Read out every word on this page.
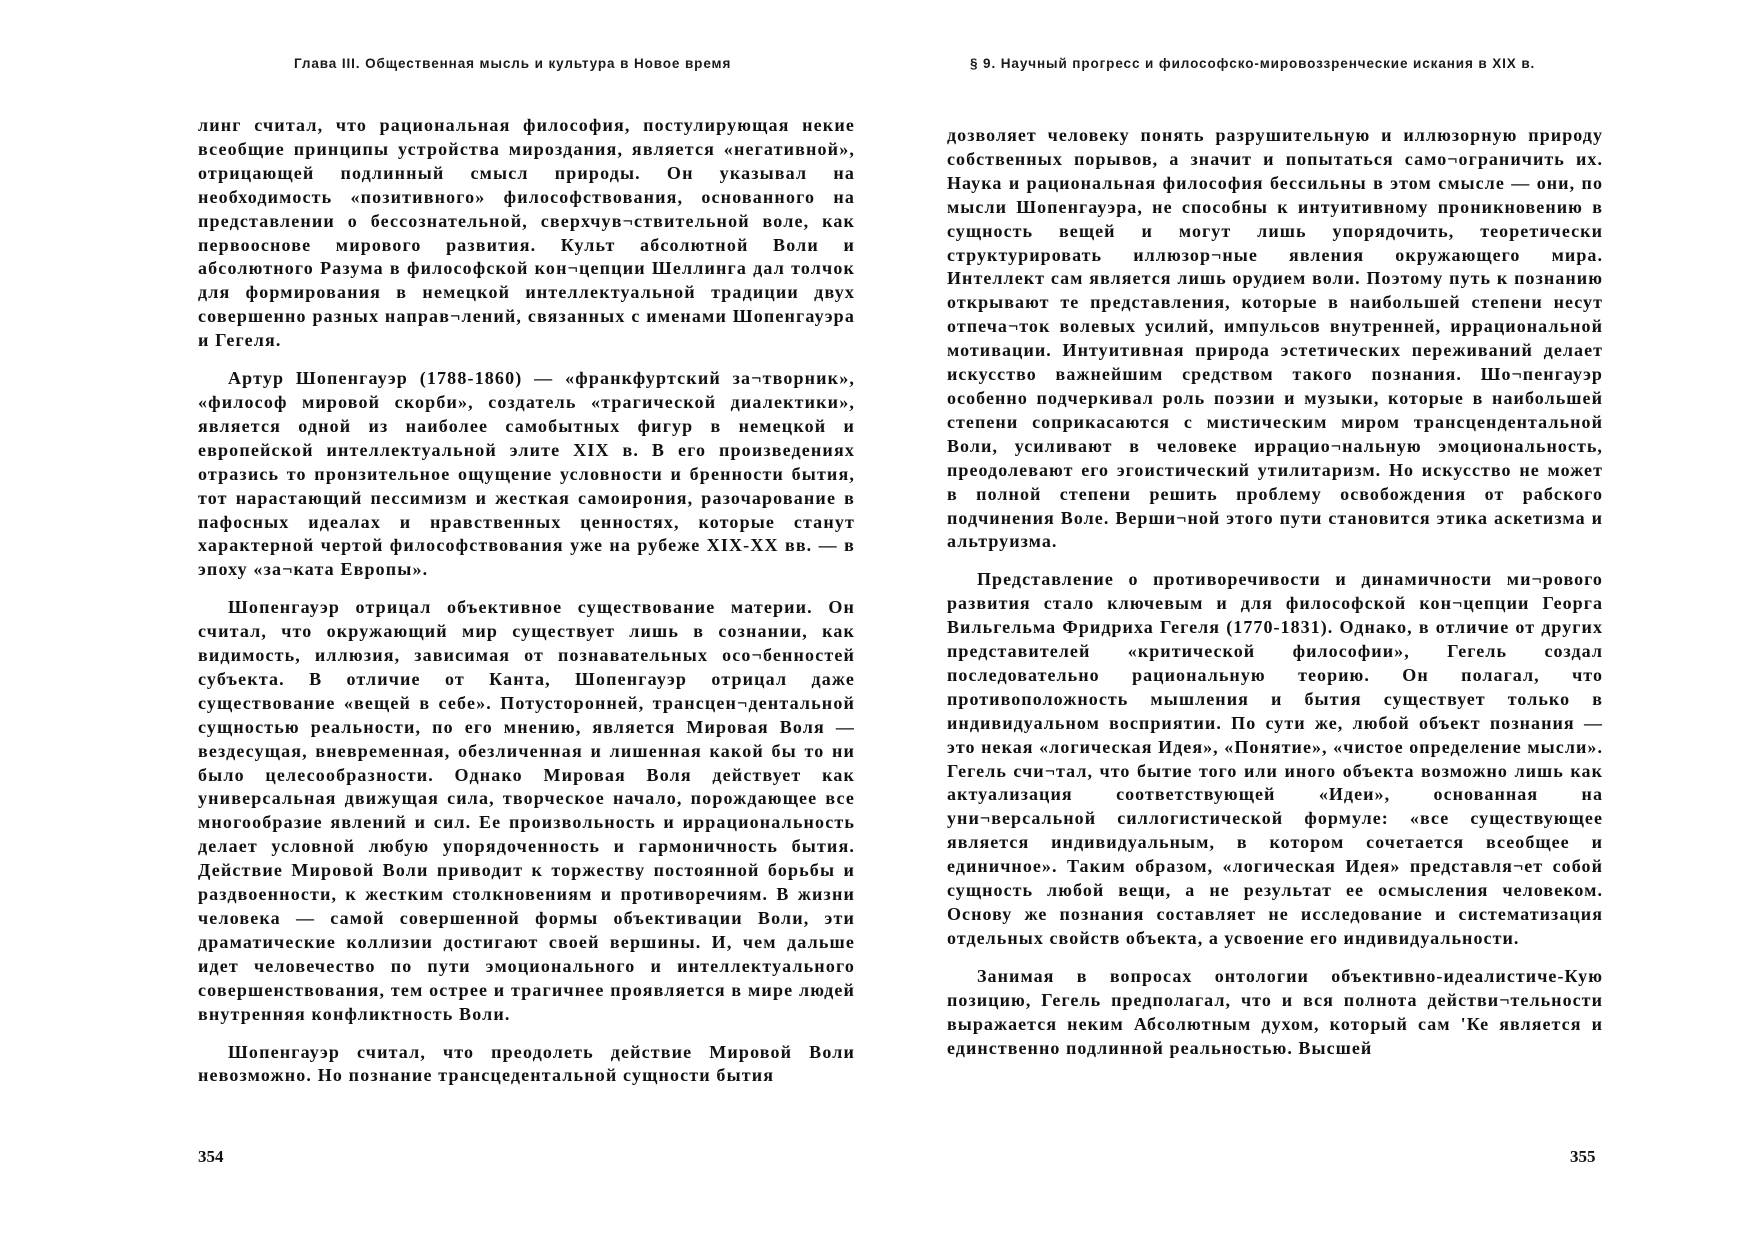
Глава III. Общественная мысль и культура в Новое время

линг считал, что рациональная философия, постулирующая некие всеобщие принципы устройства мироздания, является «негативной», отрицающей подлинный смысл природы. Он указывал на необходимость «позитивного» философствования, основанного на представлении о бессознательной, сверхчув¬ствительной воле, как первооснове мирового развития. Культ абсолютной Воли и абсолютного Разума в философской кон¬цепции Шеллинга дал толчок для формирования в немецкой интеллектуальной традиции двух совершенно разных направ¬лений, связанных с именами Шопенгауэра и Гегеля.

Артур Шопенгауэр (1788-1860) — «франкфуртский за¬творник», «философ мировой скорби», создатель «трагической диалектики», является одной из наиболее самобытных фигур в немецкой и европейской интеллектуальной элите XIX в. В его произведениях отразись то пронзительное ощущение условности и бренности бытия, тот нарастающий пессимизм и жесткая самоирония, разочарование в пафосных идеалах и нравственных ценностях, которые станут характерной чертой философствования уже на рубеже XIX-XX вв. — в эпоху «за¬ката Европы».

Шопенгауэр отрицал объективное существование материи. Он считал, что окружающий мир существует лишь в сознании, как видимость, иллюзия, зависимая от познавательных осо¬бенностей субъекта. В отличие от Канта, Шопенгауэр отрицал даже существование «вещей в себе». Потусторонней, трансцен¬дентальной сущностью реальности, по его мнению, является Мировая Воля — вездесущая, вневременная, обезличенная и лишенная какой бы то ни было целесообразности. Однако Мировая Воля действует как универсальная движущая сила, творческое начало, порождающее все многообразие явлений и сил. Ее произвольность и иррациональность делает условной любую упорядоченность и гармоничность бытия. Действие Мировой Воли приводит к торжеству постоянной борьбы и раздвоенности, к жестким столкновениям и противоречиям. В жизни человека — самой совершенной формы объективации Воли, эти драматические коллизии достигают своей вершины. И, чем дальше идет человечество по пути эмоционального и интеллектуального совершенствования, тем острее и трагичнее проявляется в мире людей внутренняя конфликтность Воли.

Шопенгауэр считал, что преодолеть действие Мировой Воли невозможно. Но познание трансцедентальной сущности бытия

354
§ 9. Научный прогресс и философско-мировоззренческие искания в XIX в.

дозволяет человеку понять разрушительную и иллюзорную природу собственных порывов, а значит и попытаться само¬ограничить их. Наука и рациональная философия бессильны в этом смысле — они, по мысли Шопенгауэра, не способны к интуитивному проникновению в сущность вещей и могут лишь упорядочить, теоретически структурировать иллюзор¬ные явления окружающего мира. Интеллект сам является лишь орудием воли. Поэтому путь к познанию открывают те представления, которые в наибольшей степени несут отпеча¬ток волевых усилий, импульсов внутренней, иррациональной мотивации. Интуитивная природа эстетических переживаний делает искусство важнейшим средством такого познания. Шо¬пенгауэр особенно подчеркивал роль поэзии и музыки, которые в наибольшей степени соприкасаются с мистическим миром трансцендентальной Воли, усиливают в человеке иррацио¬нальную эмоциональность, преодолевают его эгоистический утилитаризм. Но искусство не может в полной степени решить проблему освобождения от рабского подчинения Воле. Верши¬ной этого пути становится этика аскетизма и альтруизма.

Представление о противоречивости и динамичности ми¬рового развития стало ключевым и для философской кон¬цепции Георга Вильгельма Фридриха Гегеля (1770-1831). Однако, в отличие от других представителей «критической философии», Гегель создал последовательно рациональную теорию. Он полагал, что противоположность мышления и бытия существует только в индивидуальном восприятии. По сути же, любой объект познания — это некая «логическая Идея», «Понятие», «чистое определение мысли». Гегель счи¬тал, что бытие того или иного объекта возможно лишь как актуализация соответствующей «Идеи», основанная на уни¬версальной силлогистической формуле: «все существующее является индивидуальным, в котором сочетается всеобщее и единичное». Таким образом, «логическая Идея» представля¬ет собой сущность любой вещи, а не результат ее осмысления человеком. Основу же познания составляет не исследование и систематизация отдельных свойств объекта, а усвоение его индивидуальности.

Занимая в вопросах онтологии объективно-идеалистиче-Кую позицию, Гегель предполагал, что и вся полнота действи¬тельности выражается неким Абсолютным духом, который сам 'Ке является и единственно подлинной реальностью. Высшей

355
